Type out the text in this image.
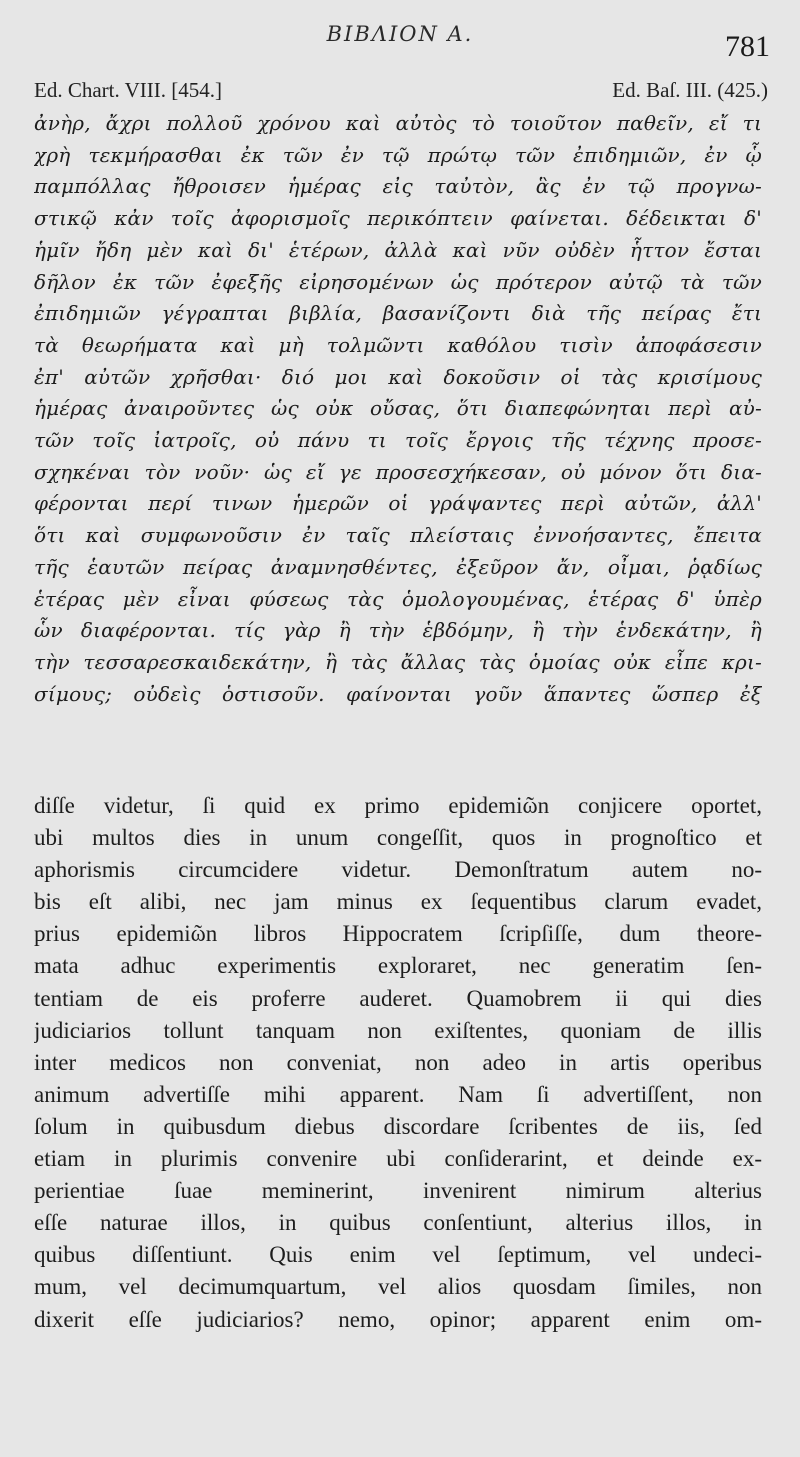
ΒΙΒΛΙΟΝ Α.	781
Ed. Chart. VIII. [454.]	Ed. Baſ. III. (425.)
ἀνὴρ, ἄχρι πολλοῦ χρόνου καὶ αὐτὸς τὸ τοιοῦτον παθεῖν, εἴ τι
χρὴ τεκμήρασθαι ἐκ τῶν ἐν τῷ πρώτῳ τῶν ἐπιδημιῶν, ἐν ᾧ
παμπόλλας ἤθροισεν ἡμέρας εἰς ταὐτὸν, ἃς ἐν τῷ προγνω-
στικῷ κἀν τοῖς ἀφορισμοῖς περικόπτειν φαίνεται. δέδεικται δ'
ἡμῖν ἤδη μὲν καὶ δι' ἑτέρων, ἀλλὰ καὶ νῦν οὐδὲν ἧττον ἔσται
δῆλον ἐκ τῶν ἐφεξῆς εἰρησομένων ὡς πρότερον αὐτῷ τὰ τῶν
ἐπιδημιῶν γέγραπται βιβλία, βασανίζοντι διὰ τῆς πείρας ἔτι
τὰ θεωρήματα καὶ μὴ τολμῶντι καθόλου τισὶν ἀποφάσεσιν
ἐπ' αὐτῶν χρῆσθαι· διό μοι καὶ δοκοῦσιν οἱ τὰς κρισίμους
ἡμέρας ἀναιροῦντες ὡς οὐκ οὔσας, ὅτι διαπεφώνηται περὶ αὐ-
τῶν τοῖς ἰατροῖς, οὐ πάνυ τι τοῖς ἔργοις τῆς τέχνης προσε-
σχηκέναι τὸν νοῦν· ὡς εἴ γε προσεσχήκεσαν, οὐ μόνον ὅτι δια-
φέρονται περί τινων ἡμερῶν οἱ γράψαντες περὶ αὐτῶν, ἀλλ'
ὅτι καὶ συμφωνοῦσιν ἐν ταῖς πλείσταις ἐννοήσαντες, ἔπειτα
τῆς ἑαυτῶν πείρας ἀναμνησθέντες, ἐξεῦρον ἄν, οἶμαι, ῥᾳδίως
ἑτέρας μὲν εἶναι φύσεως τὰς ὁμολογουμένας, ἑτέρας δ' ὑπὲρ
ὧν διαφέρονται. τίς γὰρ ἢ τὴν ἑβδόμην, ἢ τὴν ἑνδεκάτην, ἢ
τὴν τεσσαρεσκαιδεκάτην, ἢ τὰς ἄλλας τὰς ὁμοίας οὐκ εἶπε κρι-
σίμους; οὐδεὶς ὁστισοῦν. φαίνονται γοῦν ἅπαντες ὥσπερ ἐξ
diſſe videtur, ſi quid ex primo epidemiῶn conjicere oportet,
ubi multos dies in unum congeſſit, quos in prognoſtico et
aphorismis circumcidere videtur. Demonſtratum autem no-
bis eſt alibi, nec jam minus ex ſequentibus clarum evadet,
prius epidemiῶn libros Hippocratem ſcripſiſſe, dum theore-
mata adhuc experimentis exploraret, nec generatim ſen-
tentiam de eis proferre auderet. Quamobrem ii qui dies
judiciarios tollunt tanquam non exiſtentes, quoniam de illis
inter medicos non conveniat, non adeo in artis operibus
animum advertiſſe mihi apparent. Nam ſi advertiſſent, non
ſolum in quibusdum diebus discordare ſcribentes de iis, ſed
etiam in plurimis convenire ubi conſiderarint, et deinde ex-
perientiae ſuae meminerint, invenirent nimirum alterius
eſſe naturae illos, in quibus conſentiunt, alterius illos, in
quibus diſſentiunt. Quis enim vel ſeptimum, vel undeci-
mum, vel decimumquartum, vel alios quosdam ſimiles, non
dixerit eſſe judiciarios? nemo, opinor; apparent enim om-
